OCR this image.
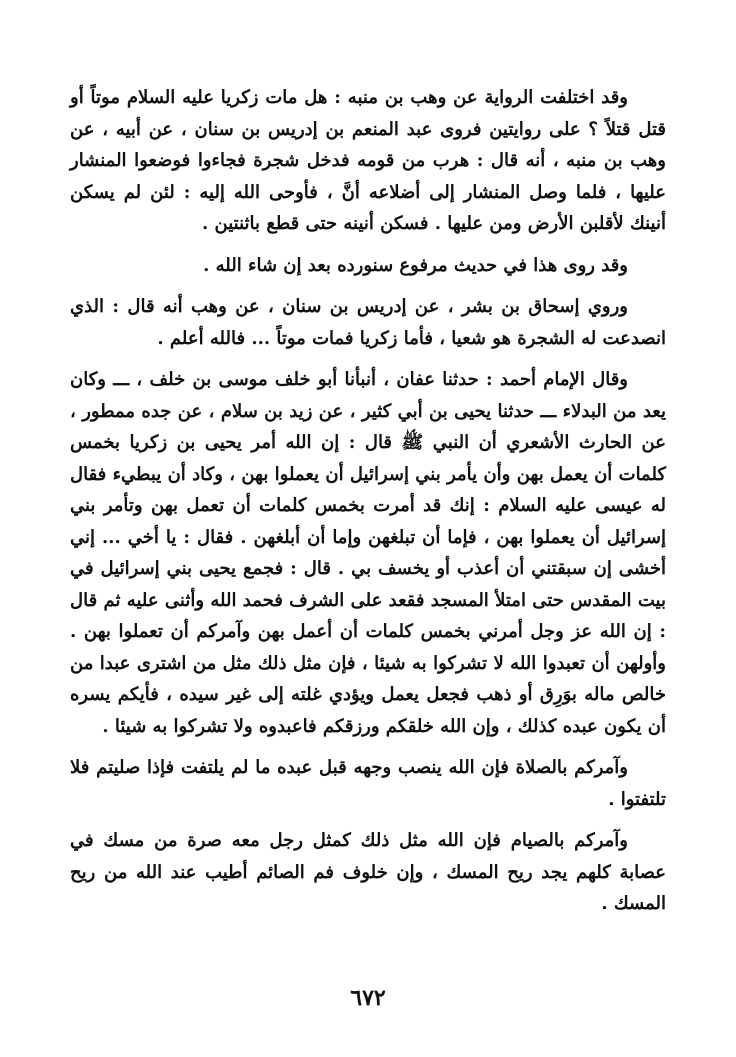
وقد اختلفت الرواية عن وهب بن منبه : هل مات زكريا عليه السلام موتاً أو قتل قتلاً ؟ على روايتين فروى عبد المنعم بن إدريس بن سنان ، عن أبيه ، عن وهب بن منبه ، أنه قال : هرب من قومه فدخل شجرة فجاءوا فوضعوا المنشار عليها ، فلما وصل المنشار إلى أضلاعه أنَّ ، فأوحى الله إليه : لئن لم يسكن أنينك لأقلبن الأرض ومن عليها . فسكن أنينه حتى قطع باثنتين .

وقد روى هذا في حديث مرفوع سنورده بعد إن شاء الله .

وروي إسحاق بن بشر ، عن إدريس بن سنان ، عن وهب أنه قال : الذي انصدعت له الشجرة هو شعيا ، فأما زكريا فمات موتاً ... فالله أعلم .

وقال الإمام أحمد : حدثنا عفان ، أنبأنا أبو خلف موسى بن خلف ، ـــ وكان يعد من البدلاء ـــ حدثنا يحيى بن أبي كثير ، عن زيد بن سلام ، عن جده ممطور ، عن الحارث الأشعري أن النبي ﷺ قال : إن الله أمر يحيى بن زكريا بخمس كلمات أن يعمل بهن وأن يأمر بني إسرائيل أن يعملوا بهن ، وكاد أن يبطيء فقال له عيسى عليه السلام : إنك قد أمرت بخمس كلمات أن تعمل بهن وتأمر بني إسرائيل أن يعملوا بهن ، فإما أن تبلغهن وإما أن أبلغهن . فقال : يا أخي ... إني أخشى إن سبقتني أن أعذب أو يخسف بي . قال : فجمع يحيى بني إسرائيل في بيت المقدس حتى امتلأ المسجد فقعد على الشرف فحمد الله وأثنى عليه ثم قال : إن الله عز وجل أمرني بخمس كلمات أن أعمل بهن وآمركم أن تعملوا بهن . وأولهن أن تعبدوا الله لا تشركوا به شيئا ، فإن مثل ذلك مثل من اشترى عبدا من خالص ماله بوَرِق أو ذهب فجعل يعمل ويؤدي غلته إلى غير سيده ، فأيكم يسره أن يكون عبده كذلك ، وإن الله خلقكم ورزقكم فاعبدوه ولا تشركوا به شيئا .

وآمركم بالصلاة فإن الله ينصب وجهه قبل عبده ما لم يلتفت فإذا صليتم فلا تلتفتوا .

وآمركم بالصيام فإن الله مثل ذلك كمثل رجل معه صرة من مسك في عصابة كلهم يجد ريح المسك ، وإن خلوف فم الصائم أطيب عند الله من ريح المسك .

٦٧٢
